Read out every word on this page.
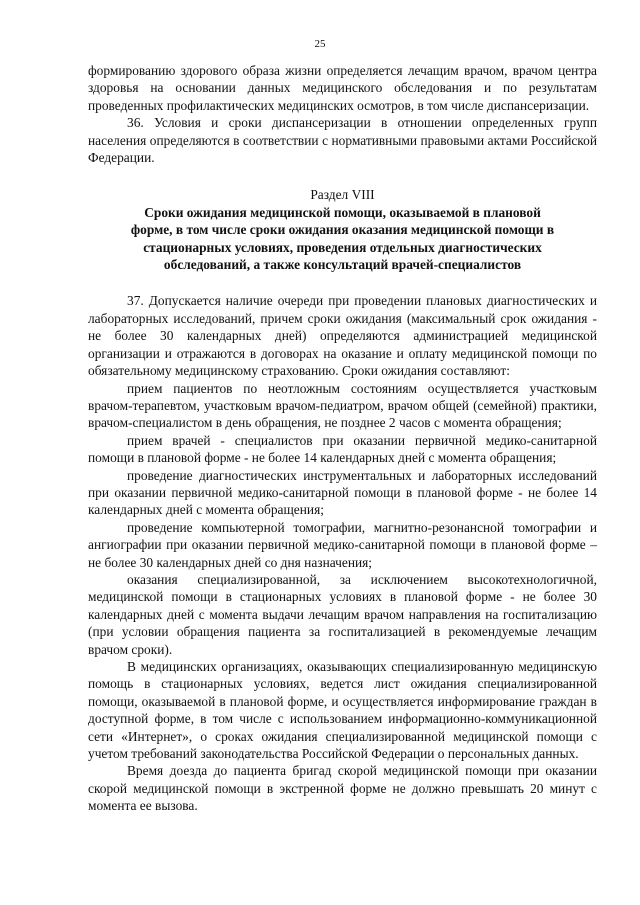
25

формированию здорового образа жизни определяется лечащим врачом, врачом центра здоровья на основании данных медицинского обследования и по результатам проведенных профилактических медицинских осмотров, в том числе диспансеризации.

36. Условия и сроки диспансеризации в отношении определенных групп населения определяются в соответствии с нормативными правовыми актами Российской Федерации.

Раздел VIII

Сроки ожидания медицинской помощи, оказываемой в плановой форме, в том числе сроки ожидания оказания медицинской помощи в стационарных условиях, проведения отдельных диагностических обследований, а также консультаций врачей-специалистов

37. Допускается наличие очереди при проведении плановых диагностических и лабораторных исследований, причем сроки ожидания (максимальный срок ожидания - не более 30 календарных дней) определяются администрацией медицинской организации и отражаются в договорах на оказание и оплату медицинской помощи по обязательному медицинскому страхованию. Сроки ожидания составляют:

прием пациентов по неотложным состояниям осуществляется участковым врачом-терапевтом, участковым врачом-педиатром, врачом общей (семейной) практики, врачом-специалистом в день обращения, не позднее 2 часов с момента обращения;

прием врачей - специалистов при оказании первичной медико-санитарной помощи в плановой форме - не более 14 календарных дней с момента обращения;

проведение диагностических инструментальных и лабораторных исследований при оказании первичной медико-санитарной помощи в плановой форме - не более 14 календарных дней с момента обращения;

проведение компьютерной томографии, магнитно-резонансной томографии и ангиографии при оказании первичной медико-санитарной помощи в плановой форме – не более 30 календарных дней со дня назначения;

оказания специализированной, за исключением высокотехнологичной, медицинской помощи в стационарных условиях в плановой форме - не более 30 календарных дней с момента выдачи лечащим врачом направления на госпитализацию (при условии обращения пациента за госпитализацией в рекомендуемые лечащим врачом сроки).

В медицинских организациях, оказывающих специализированную медицинскую помощь в стационарных условиях, ведется лист ожидания специализированной помощи, оказываемой в плановой форме, и осуществляется информирование граждан в доступной форме, в том числе с использованием информационно-коммуникационной сети «Интернет», о сроках ожидания специализированной медицинской помощи с учетом требований законодательства Российской Федерации о персональных данных.

Время доезда до пациента бригад скорой медицинской помощи при оказании скорой медицинской помощи в экстренной форме не должно превышать 20 минут с момента ее вызова.
